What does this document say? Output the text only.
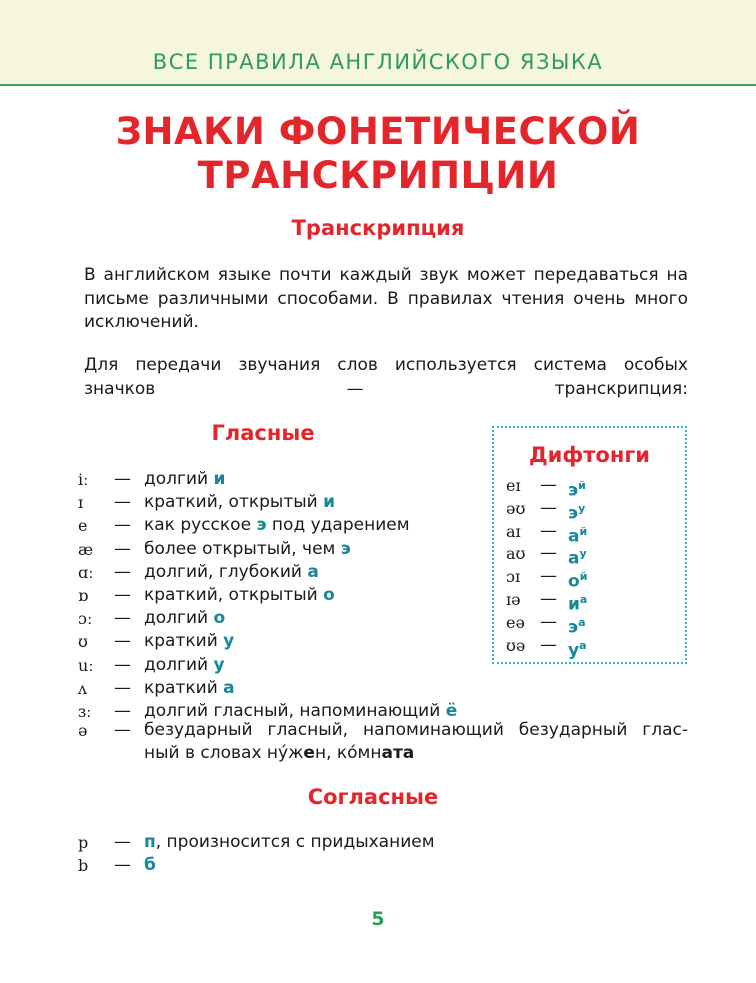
ВСЕ ПРАВИЛА АНГЛИЙСКОГО ЯЗЫКА
ЗНАКИ ФОНЕТИЧЕСКОЙ
ТРАНСКРИПЦИИ
Транскрипция
В английском языке почти каждый звук может передаваться на письме различными способами. В правилах чтения очень много исключений.
Для передачи звучания слов используется система особых значков — транскрипция:
Гласные
iː — долгий и
ɪ — краткий, открытый и
e — как русское э под ударением
æ — более открытый, чем э
ɑː — долгий, глубокий а
ɒ — краткий, открытый о
ɔː — долгий о
ʊ — краткий у
uː — долгий у
ʌ — краткий а
ɜː — долгий гласный, напоминающий ё
ə — безударный гласный, напоминающий безударный глас-
ный в словах ну́жен, ко́мната
Дифтонги
eɪ — $э^й$
əʊ — $э^у$
aɪ — $а^й$
aʊ — $а^у$
ɔɪ — $о^й$
ɪə — $и^а$
eə — $э^а$
ʊə — $у^а$
Согласные
p — п, произносится с придыханием
b — б
5
